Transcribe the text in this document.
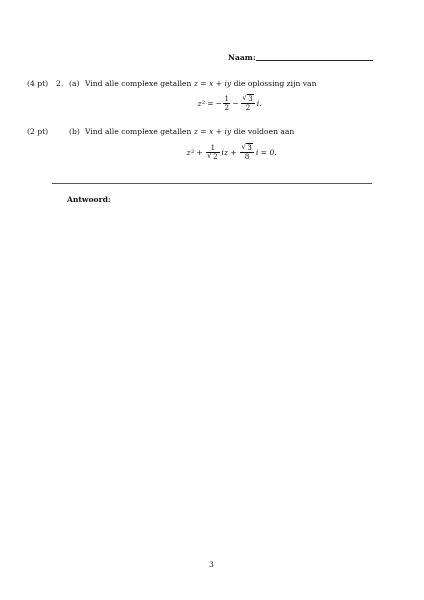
Naam:
(4 pt) 2. (a) Vind alle complexe getallen z = x + iy die oplossing zijn van
z 2 = − $\frac{1}{2}$ − √ $\frac{3}{2} i$.
(2 pt)	(b) Vind alle complexe getallen z = x + iy die voldoen aan
z 2 + 1
√ 2 iz + √ $\frac{3}{8}$ i = 0.
Antwoord:
3
